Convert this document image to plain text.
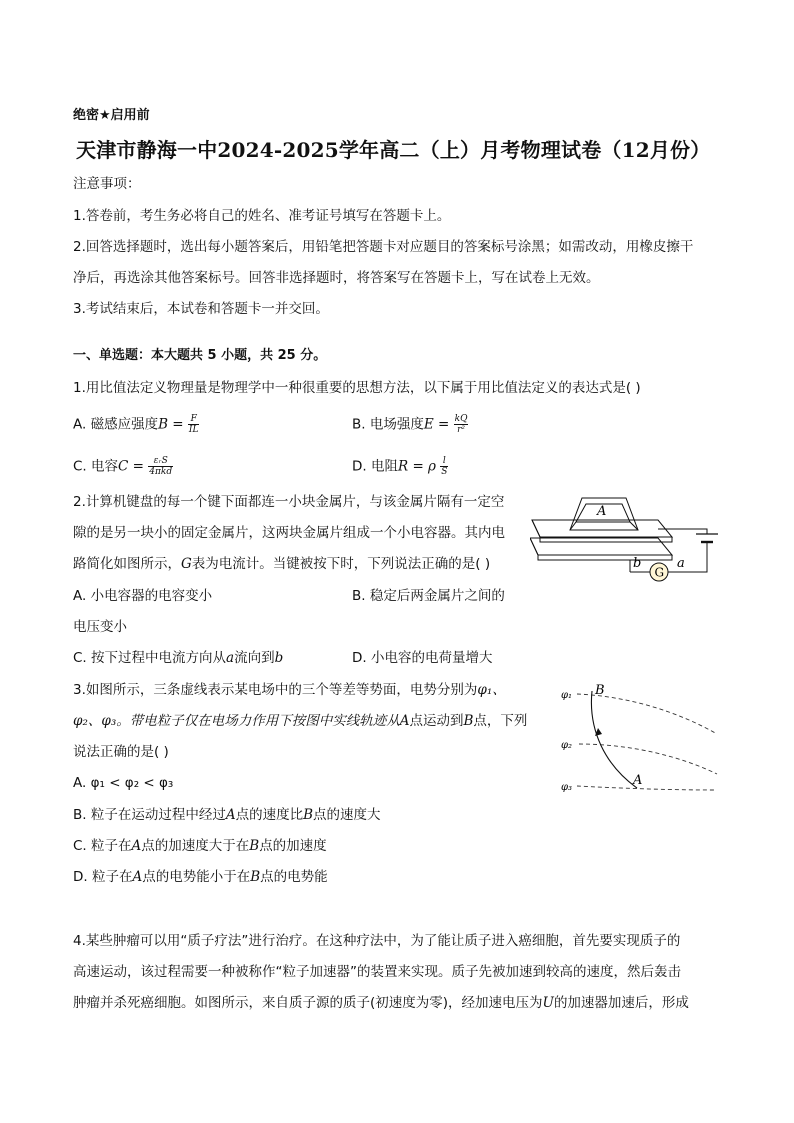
绝密★启用前
天津市静海一中2024-2025学年高二（上）月考物理试卷（12月份）
注意事项：
1.答卷前，考生务必将自己的姓名、准考证号填写在答题卡上。
2.回答选择题时，选出每小题答案后，用铅笔把答题卡对应题目的答案标号涂黑；如需改动，用橡皮擦干
净后，再选涂其他答案标号。回答非选择题时，将答案写在答题卡上，写在试卷上无效。
3.考试结束后，本试卷和答题卡一并交回。
一、单选题：本大题共 5 小题，共 25 分。
1.用比值法定义物理量是物理学中一种很重要的思想方法，以下属于用比值法定义的表达式是( )
A. 磁感应强度$B = \frac{F}{IL}$	B. 电场强度$E = \frac{kQ}{\text{r²}}$
C. 电容$C = \frac{\text{εᵣS}}{\text{4πkd}}$	D. 电阻R = ρ $\frac{l}{S}$
2.计算机键盘的每一个键下面都连一小块金属片，与该金属片隔有一定空
隙的是另一块小的固定金属片，这两块金属片组成一个小电容器。其内电
路简化如图所示，G表为电流计。当键被按下时，下列说法正确的是( )
A. 小电容器的电容变小	B. 稳定后两金属片之间的
电压变小
C. 按下过程中电流方向从a流向到b	D. 小电容的电荷量增大
A
G
b	a
3.如图所示，三条虚线表示某电场中的三个等差等势面，电势分别为φ₁、
φ₂、φ₃。带电粒子仅在电场力作用下按图中实线轨迹从A点运动到B点，下列
说法正确的是( )
A. φ₁ < φ₂ < φ₃
B. 粒子在运动过程中经过A点的速度比B点的速度大
C. 粒子在A点的加速度大于在B点的加速度
D. 粒子在A点的电势能小于在B点的电势能
φ₁
φ₂
φ₃
B
A
4.某些肿瘤可以用“质子疗法”进行治疗。在这种疗法中，为了能让质子进入癌细胞，首先要实现质子的
高速运动，该过程需要一种被称作“粒子加速器”的装置来实现。质子先被加速到较高的速度，然后轰击
肿瘤并杀死癌细胞。如图所示，来自质子源的质子(初速度为零)，经加速电压为U的加速器加速后，形成
